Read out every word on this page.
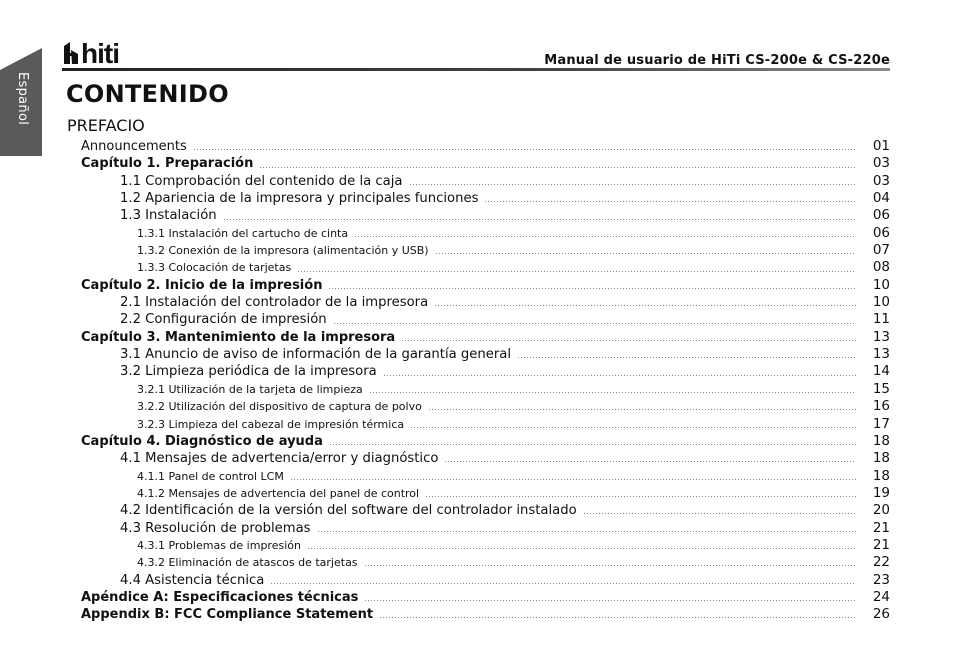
Español
hiti	Manual de usuario de HiTi CS-200e & CS-220e
CONTENIDO
PREFACIO
Announcements	01
Capítulo 1. Preparación	03
1.1 Comprobación del contenido de la caja	03
1.2 Apariencia de la impresora y principales funciones	04
1.3 Instalación	06
1.3.1 Instalación del cartucho de cinta	06
1.3.2 Conexión de la impresora (alimentación y USB)	07
1.3.3 Colocación de tarjetas	08
Capítulo 2. Inicio de la impresión	10
2.1 Instalación del controlador de la impresora	10
2.2 Configuración de impresión	11
Capítulo 3. Mantenimiento de la impresora	13
3.1 Anuncio de aviso de información de la garantía general	13
3.2 Limpieza periódica de la impresora	14
3.2.1 Utilización de la tarjeta de limpieza	15
3.2.2 Utilización del dispositivo de captura de polvo	16
3.2.3 Limpieza del cabezal de impresión térmica	17
Capítulo 4. Diagnóstico de ayuda	18
4.1 Mensajes de advertencia/error y diagnóstico	18
4.1.1 Panel de control LCM	18
4.1.2 Mensajes de advertencia del panel de control	19
4.2 Identificación de la versión del software del controlador instalado	20
4.3 Resolución de problemas	21
4.3.1 Problemas de impresión	21
4.3.2 Eliminación de atascos de tarjetas	22
4.4 Asistencia técnica	23
Apéndice A: Especificaciones técnicas	24
Appendix B: FCC Compliance Statement	26
